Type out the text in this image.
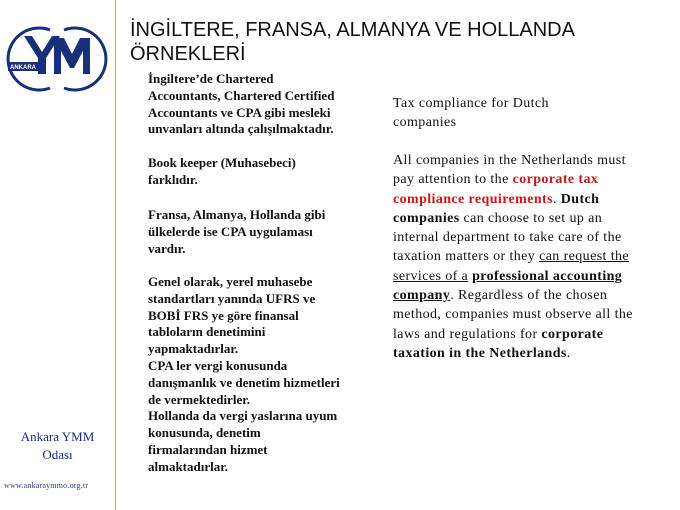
ANKARA
Ankara YMM
Odası
www.ankaraymmo.org.tr
İNGİLTERE, FRANSA, ALMANYA VE HOLLANDA ÖRNEKLERİ

İngiltere’de Chartered
Accountants, Chartered Certified
Accountants ve CPA gibi mesleki
unvanları altında çalışılmaktadır.

Book keeper (Muhasebeci)
farklıdır.

Fransa, Almanya, Hollanda gibi
ülkelerde ise CPA uygulaması
vardır.

Genel olarak, yerel muhasebe
standartları yanında UFRS ve
BOBİ FRS ye göre finansal
tabloların denetimini
yapmaktadırlar.
CPA ler vergi konusunda
danışmanlık ve denetim hizmetleri
de vermektedirler.
Hollanda da vergi yaslarına uyum
konusunda, denetim
firmalarından hizmet
almaktadırlar.

Tax compliance for Dutch
companies

All companies in the Netherlands must pay attention to the corporate tax compliance requirements. Dutch companies can choose to set up an internal department to take care of the taxation matters or they can request the services of a professional accounting company. Regardless of the chosen method, companies must observe all the laws and regulations for corporate taxation in the Netherlands.
